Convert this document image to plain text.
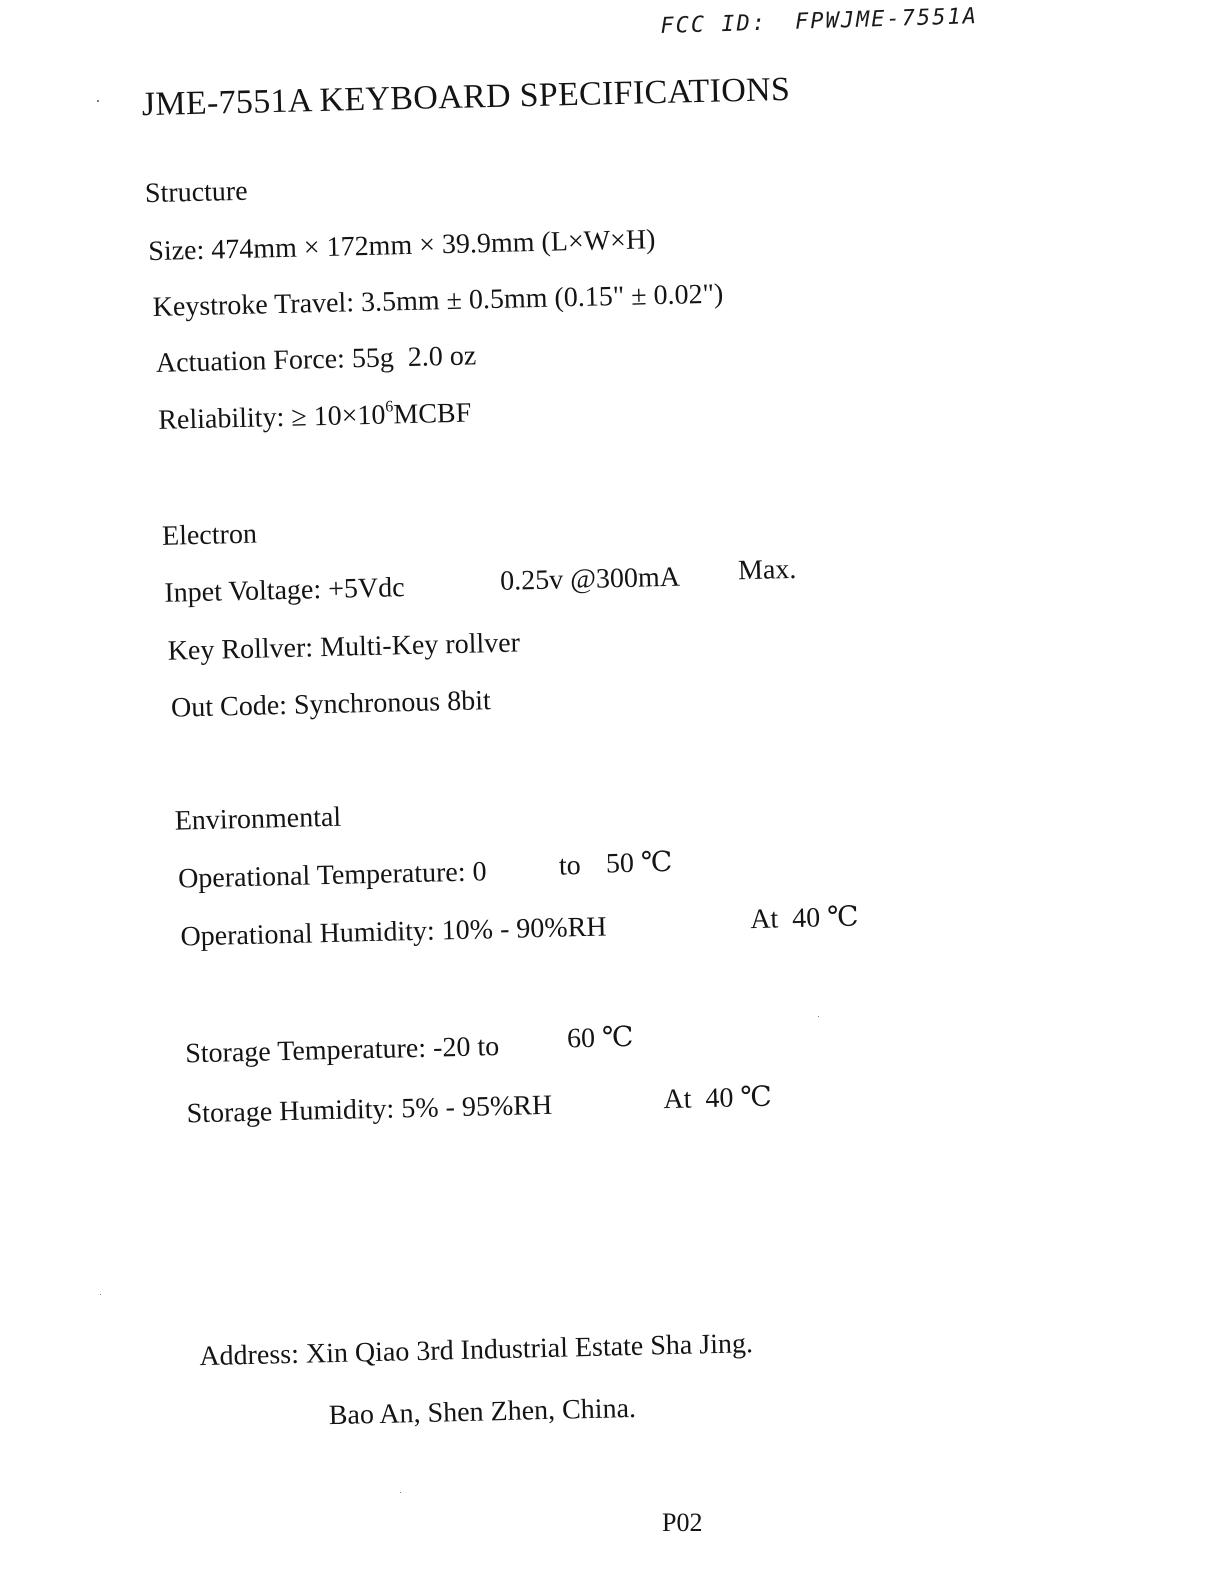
FCC ID: FPWJME-7551A
JME-7551A KEYBOARD SPECIFICATIONS
Structure
Size: 474mm × 172mm × 39.9mm (L×W×H)
Keystroke Travel: 3.5mm ± 0.5mm (0.15" ± 0.02")
Actuation Force: 55g  2.0 oz
Reliability: ≥ $10\times 10^6MCBF$
Electron
Inpet Voltage: +5Vdc	0.25v @300mA Max.
Key Rollver: Multi-Key rollver
Out Code: Synchronous 8bit
Environmental
Operational Temperature: 0	to 50 ℃
Operational Humidity: 10% - 90%RH	At  40 ℃
Storage Temperature: -20 to 60 ℃
Storage Humidity: 5% - 95%RH	At  40 ℃
Address: Xin Qiao 3rd Industrial Estate Sha Jing.
Bao An, Shen Zhen, China.
P02
